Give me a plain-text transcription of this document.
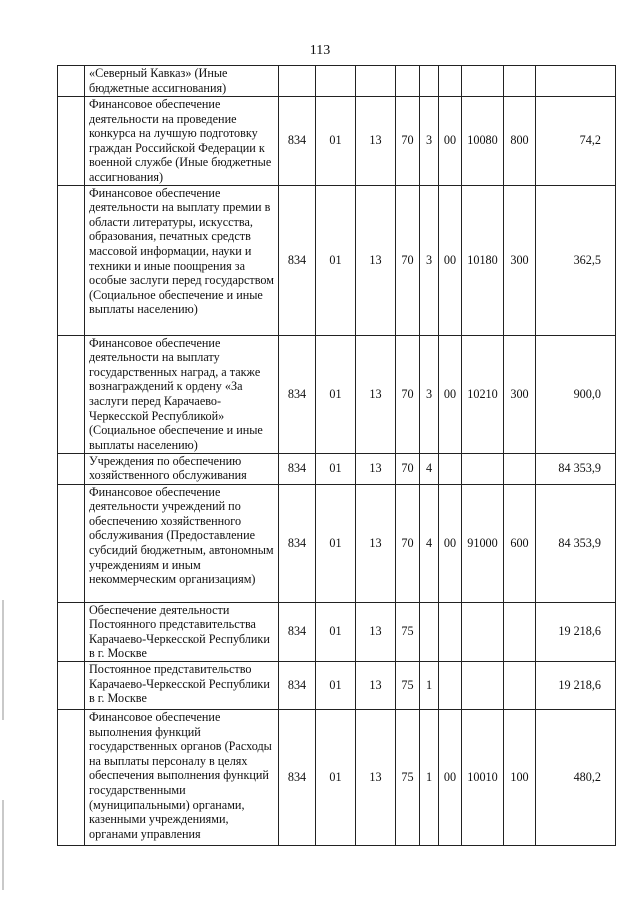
113
	«Северный Кавказ» (Иные бюджетные ассигнования)									
	Финансовое обеспечение деятельности на проведение конкурса на лучшую подготовку граждан Российской Федерации к военной службе (Иные бюджетные ассигнования)	834	01	13	70	3	00	10080	800	74,2
	Финансовое обеспечение деятельности на выплату премии в области литературы, искусства, образования, печатных средств массовой информации, науки и техники и иные поощрения за особые заслуги перед государством (Социальное обеспечение и иные выплаты населению)	834	01	13	70	3	00	10180	300	362,5
	Финансовое обеспечение деятельности на выплату государственных наград, а также вознаграждений к ордену «За заслуги перед Карачаево-Черкесской Республикой» (Социальное обеспечение и иные выплаты населению)	834	01	13	70	3	00	10210	300	900,0
	Учреждения по обеспечению хозяйственного обслуживания	834	01	13	70	4				84 353,9
	Финансовое обеспечение деятельности учреждений по обеспечению хозяйственного обслуживания (Предоставление субсидий бюджетным, автономным учреждениям и иным некоммерческим организациям)	834	01	13	70	4	00	91000	600	84 353,9
	Обеспечение деятельности Постоянного представительства Карачаево-Черкесской Республики в г. Москве	834	01	13	75					19 218,6
	Постоянное представительство Карачаево-Черкесской Республики в г. Москве	834	01	13	75	1				19 218,6
	Финансовое обеспечение выполнения функций государственных органов (Расходы на выплаты персоналу в целях обеспечения выполнения функций государственными (муниципальными) органами, казенными учреждениями, органами управления	834	01	13	75	1	00	10010	100	480,2
